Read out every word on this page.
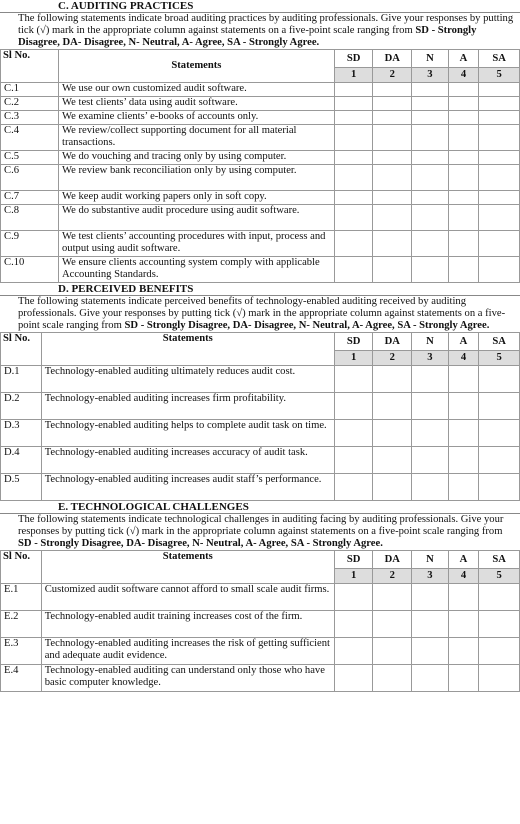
C. AUDITING PRACTICES
The following statements indicate broad auditing practices by auditing professionals. Give your responses by putting tick (√) mark in the appropriate column against statements on a five-point scale ranging from SD - Strongly Disagree, DA- Disagree, N- Neutral, A- Agree, SA - Strongly Agree.
Sl No.	Statements	SD	DA	N	A	SA
		1	2	3	4	5
C.1	We use our own customized audit software.					
C.2	We test clients’ data using audit software.					
C.3	We examine clients’ e-books of accounts only.					
C.4	We review/collect supporting document for all material transactions.					
C.5	We do vouching and tracing only by using computer.					
C.6	We review bank reconciliation only by using computer.					
C.7	We keep audit working papers only in soft copy.					
C.8	We do substantive audit procedure using audit software.					
C.9	We test clients’ accounting procedures with input, process and output using audit software.					
C.10	We ensure clients accounting system comply with applicable Accounting Standards.					
D. PERCEIVED BENEFITS
The following statements indicate perceived benefits of technology-enabled auditing received by auditing professionals. Give your responses by putting tick (√) mark in the appropriate column against statements on a five-point scale ranging from SD - Strongly Disagree, DA- Disagree, N- Neutral, A- Agree, SA - Strongly Agree.
Sl No.	Statements	SD	DA	N	A	SA
		1	2	3	4	5
D.1	Technology-enabled auditing ultimately reduces audit cost.					
D.2	Technology-enabled auditing increases firm profitability.					
D.3	Technology-enabled auditing helps to complete audit task on time.					
D.4	Technology-enabled auditing increases accuracy of audit task.					
D.5	Technology-enabled auditing increases audit staff’s performance.					
E. TECHNOLOGICAL CHALLENGES
The following statements indicate technological challenges in auditing facing by auditing professionals. Give your responses by putting tick (√) mark in the appropriate column against statements on a five-point scale ranging from SD - Strongly Disagree, DA- Disagree, N- Neutral, A- Agree, SA - Strongly Agree.
Sl No.	Statements	SD	DA	N	A	SA
		1	2	3	4	5
E.1	Customized audit software cannot afford to small scale audit firms.					
E.2	Technology-enabled audit training increases cost of the firm.					
E.3	Technology-enabled auditing increases the risk of getting sufficient and adequate audit evidence.					
E.4	Technology-enabled auditing can understand only those who have basic computer knowledge.					
